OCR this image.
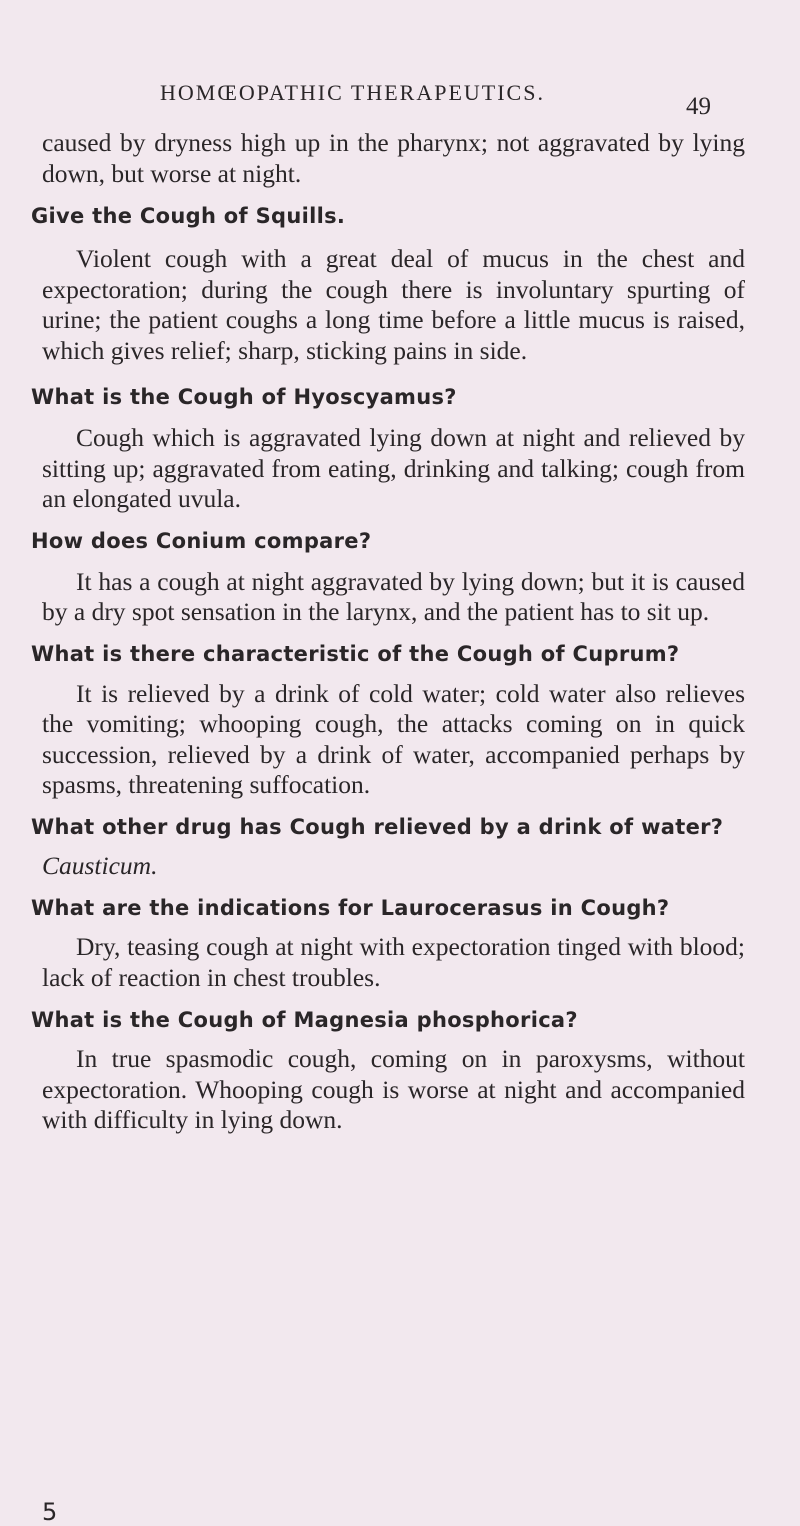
HOMŒOPATHIC THERAPEUTICS.
49
caused by dryness high up in the pharynx; not aggravated by lying down, but worse at night.
Give the Cough of Squills.
Violent cough with a great deal of mucus in the chest and expectoration; during the cough there is involuntary spurting of urine; the patient coughs a long time before a little mucus is raised, which gives relief; sharp, sticking pains in side.
What is the Cough of Hyoscyamus?
Cough which is aggravated lying down at night and relieved by sitting up; aggravated from eating, drinking and talking; cough from an elongated uvula.
How does Conium compare?
It has a cough at night aggravated by lying down; but it is caused by a dry spot sensation in the larynx, and the patient has to sit up.
What is there characteristic of the Cough of Cuprum?
It is relieved by a drink of cold water; cold water also relieves the vomiting; whooping cough, the attacks coming on in quick succession, relieved by a drink of water, accompanied perhaps by spasms, threatening suffocation.
What other drug has Cough relieved by a drink of water?
Causticum.
What are the indications for Laurocerasus in Cough?
Dry, teasing cough at night with expectoration tinged with blood; lack of reaction in chest troubles.
What is the Cough of Magnesia phosphorica?
In true spasmodic cough, coming on in paroxysms, without expectoration. Whooping cough is worse at night and accompanied with difficulty in lying down.
5
